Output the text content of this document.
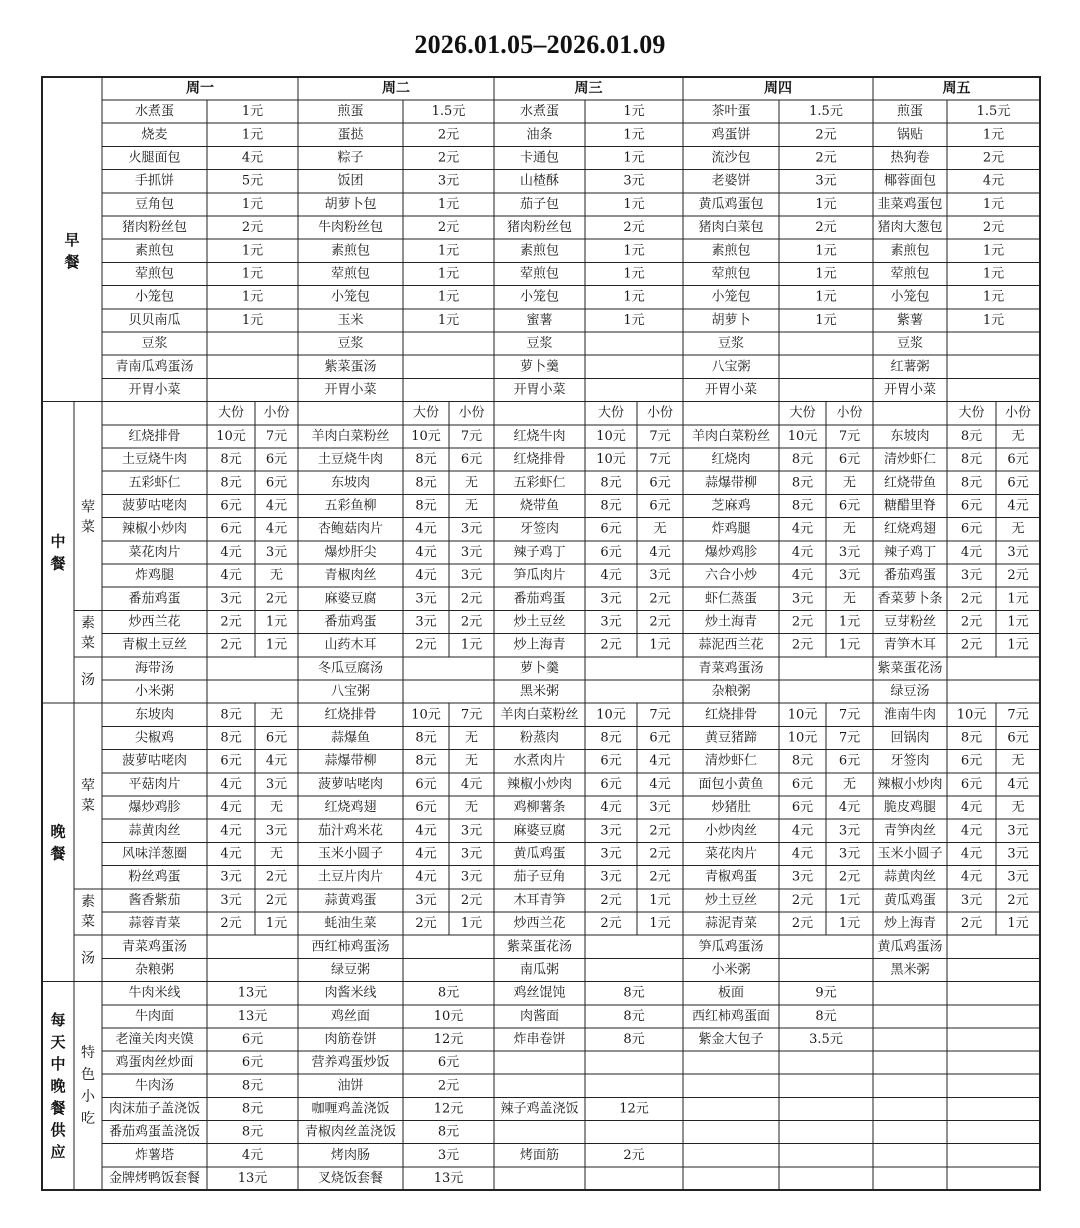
2026.01.05–2026.01.09
周一	周二	周三	周四	周五
早
餐
水煮蛋	1元	煎蛋	1.5元	水煮蛋	1元	茶叶蛋	1.5元	煎蛋	1.5元
烧麦	1元	蛋挞	2元	油条	1元	鸡蛋饼	2元	锅贴	1元
火腿面包	4元	粽子	2元	卡通包	1元	流沙包	2元	热狗卷	2元
手抓饼	5元	饭团	3元	山楂酥	3元	老婆饼	3元	椰蓉面包	4元
豆角包	1元	胡萝卜包	1元	茄子包	1元	黄瓜鸡蛋包	1元	韭菜鸡蛋包	1元
猪肉粉丝包	2元	牛肉粉丝包	2元	猪肉粉丝包	2元	猪肉白菜包	2元	猪肉大葱包	2元
素煎包	1元	素煎包	1元	素煎包	1元	素煎包	1元	素煎包	1元
荤煎包	1元	荤煎包	1元	荤煎包	1元	荤煎包	1元	荤煎包	1元
小笼包	1元	小笼包	1元	小笼包	1元	小笼包	1元	小笼包	1元
贝贝南瓜	1元	玉米	1元	蜜薯	1元	胡萝卜	1元	紫薯	1元
豆浆	豆浆	豆浆	豆浆	豆浆
青南瓜鸡蛋汤	紫菜蛋汤	萝卜羹	八宝粥	红薯粥
开胃小菜	开胃小菜	开胃小菜	开胃小菜	开胃小菜
中
餐
荤
菜
素
菜
汤
大份 小份	大份 小份	大份 小份	大份 小份	大份 小份
红烧排骨	10元 7元 羊肉白菜粉丝 10元 7元 红烧牛肉 10元 7元 羊肉白菜粉丝 10元 7元 东坡肉 8元 无
土豆烧牛肉	8元 6元 土豆烧牛肉 8元 6元 红烧排骨 10元 7元	红烧肉	8元 6元 清炒虾仁 8元 6元
五彩虾仁	8元 6元	东坡肉	8元 无	五彩虾仁	8元 6元	蒜爆带柳	8元 无 红烧带鱼 8元 6元
菠萝咕咾肉	6元 4元	五彩鱼柳	8元 无	烧带鱼	8元 6元	芝麻鸡	8元 6元 糖醋里脊 6元 4元
辣椒小炒肉	6元 4元 杏鲍菇肉片 4元 3元	牙签肉	6元 无	炸鸡腿	4元 无 红烧鸡翅 6元 无
菜花肉片	4元 3元	爆炒肝尖	4元 3元 辣子鸡丁	6元 4元	爆炒鸡胗	4元 3元 辣子鸡丁 4元 3元
炸鸡腿	4元 无	青椒肉丝	4元 3元 笋瓜肉片	4元 3元	六合小炒	4元 3元 番茄鸡蛋 3元 2元
番茄鸡蛋	3元 2元	麻婆豆腐	3元 2元 番茄鸡蛋	3元 2元	虾仁蒸蛋	3元 无 香菜萝卜条 2元 1元
炒西兰花	2元 1元	番茄鸡蛋	3元 2元 炒土豆丝	3元 2元	炒土海青	2元 1元 豆芽粉丝 2元 1元
青椒土豆丝	2元 1元	山药木耳	2元 1元 炒上海青	2元 1元 蒜泥西兰花 2元 1元 青笋木耳 2元 1元
海带汤	冬瓜豆腐汤	萝卜羹	青菜鸡蛋汤	紫菜蛋花汤
小米粥	八宝粥	黑米粥	杂粮粥	绿豆汤
晚
餐
荤
菜
素
菜
汤
东坡肉	8元 无	红烧排骨	10元 7元 羊肉白菜粉丝 10元 7元	红烧排骨 10元 7元 淮南牛肉 10元 7元
尖椒鸡	8元 6元	蒜爆鱼	8元 无	粉蒸肉	8元 6元	黄豆猪蹄 10元 7元 回锅肉 8元 6元
菠萝咕咾肉	6元 4元	蒜爆带柳	8元 无	水煮肉片	6元 4元	清炒虾仁	8元 6元 牙签肉 6元 无
平菇肉片	4元 3元 菠萝咕咾肉 6元 4元 辣椒小炒肉 6元 4元 面包小黄鱼 6元 无 辣椒小炒肉 6元 4元
爆炒鸡胗	4元 无	红烧鸡翅	6元 无	鸡柳薯条	4元 3元	炒猪肚	6元 4元 脆皮鸡腿 4元 无
蒜黄肉丝	4元 3元 茄汁鸡米花 4元 3元 麻婆豆腐	3元 2元	小炒肉丝	4元 3元 青笋肉丝 4元 3元
风味洋葱圈	4元 无	玉米小圆子 4元 3元 黄瓜鸡蛋	3元 2元	菜花肉片	4元 3元 玉米小圆子 4元 3元
粉丝鸡蛋	3元 2元 土豆片肉片 4元 3元 茄子豆角	3元 2元	青椒鸡蛋	3元 2元 蒜黄肉丝 4元 3元
酱香紫茄	3元 2元	蒜黄鸡蛋	3元 2元 木耳青笋	2元 1元	炒土豆丝	2元 1元 黄瓜鸡蛋 3元 2元
蒜蓉青菜	2元 1元	蚝油生菜	2元 1元 炒西兰花	2元 1元	蒜泥青菜	2元 1元 炒上海青 2元 1元
青菜鸡蛋汤	西红柿鸡蛋汤	紫菜蛋花汤	笋瓜鸡蛋汤	黄瓜鸡蛋汤
杂粮粥	绿豆粥	南瓜粥	小米粥	黑米粥
每
天
中
晚
餐
供
应
特
色
小
吃
牛肉米线	13元	肉酱米线	8元	鸡丝馄饨	8元	板面	9元
牛肉面	13元	鸡丝面	10元	肉酱面	8元	西红柿鸡蛋面	8元
老潼关肉夹馍	6元	肉筋卷饼	12元	炸串卷饼	8元	紫金大包子	3.5元
鸡蛋肉丝炒面	6元	营养鸡蛋炒饭	6元
牛肉汤	8元	油饼	2元
肉沫茄子盖浇饭	8元	咖喱鸡盖浇饭	12元	辣子鸡盖浇饭	12元
番茄鸡蛋盖浇饭	8元	青椒肉丝盖浇饭	8元
炸薯塔	4元	烤肉肠	3元	烤面筋	2元
金牌烤鸭饭套餐	13元	叉烧饭套餐	13元
